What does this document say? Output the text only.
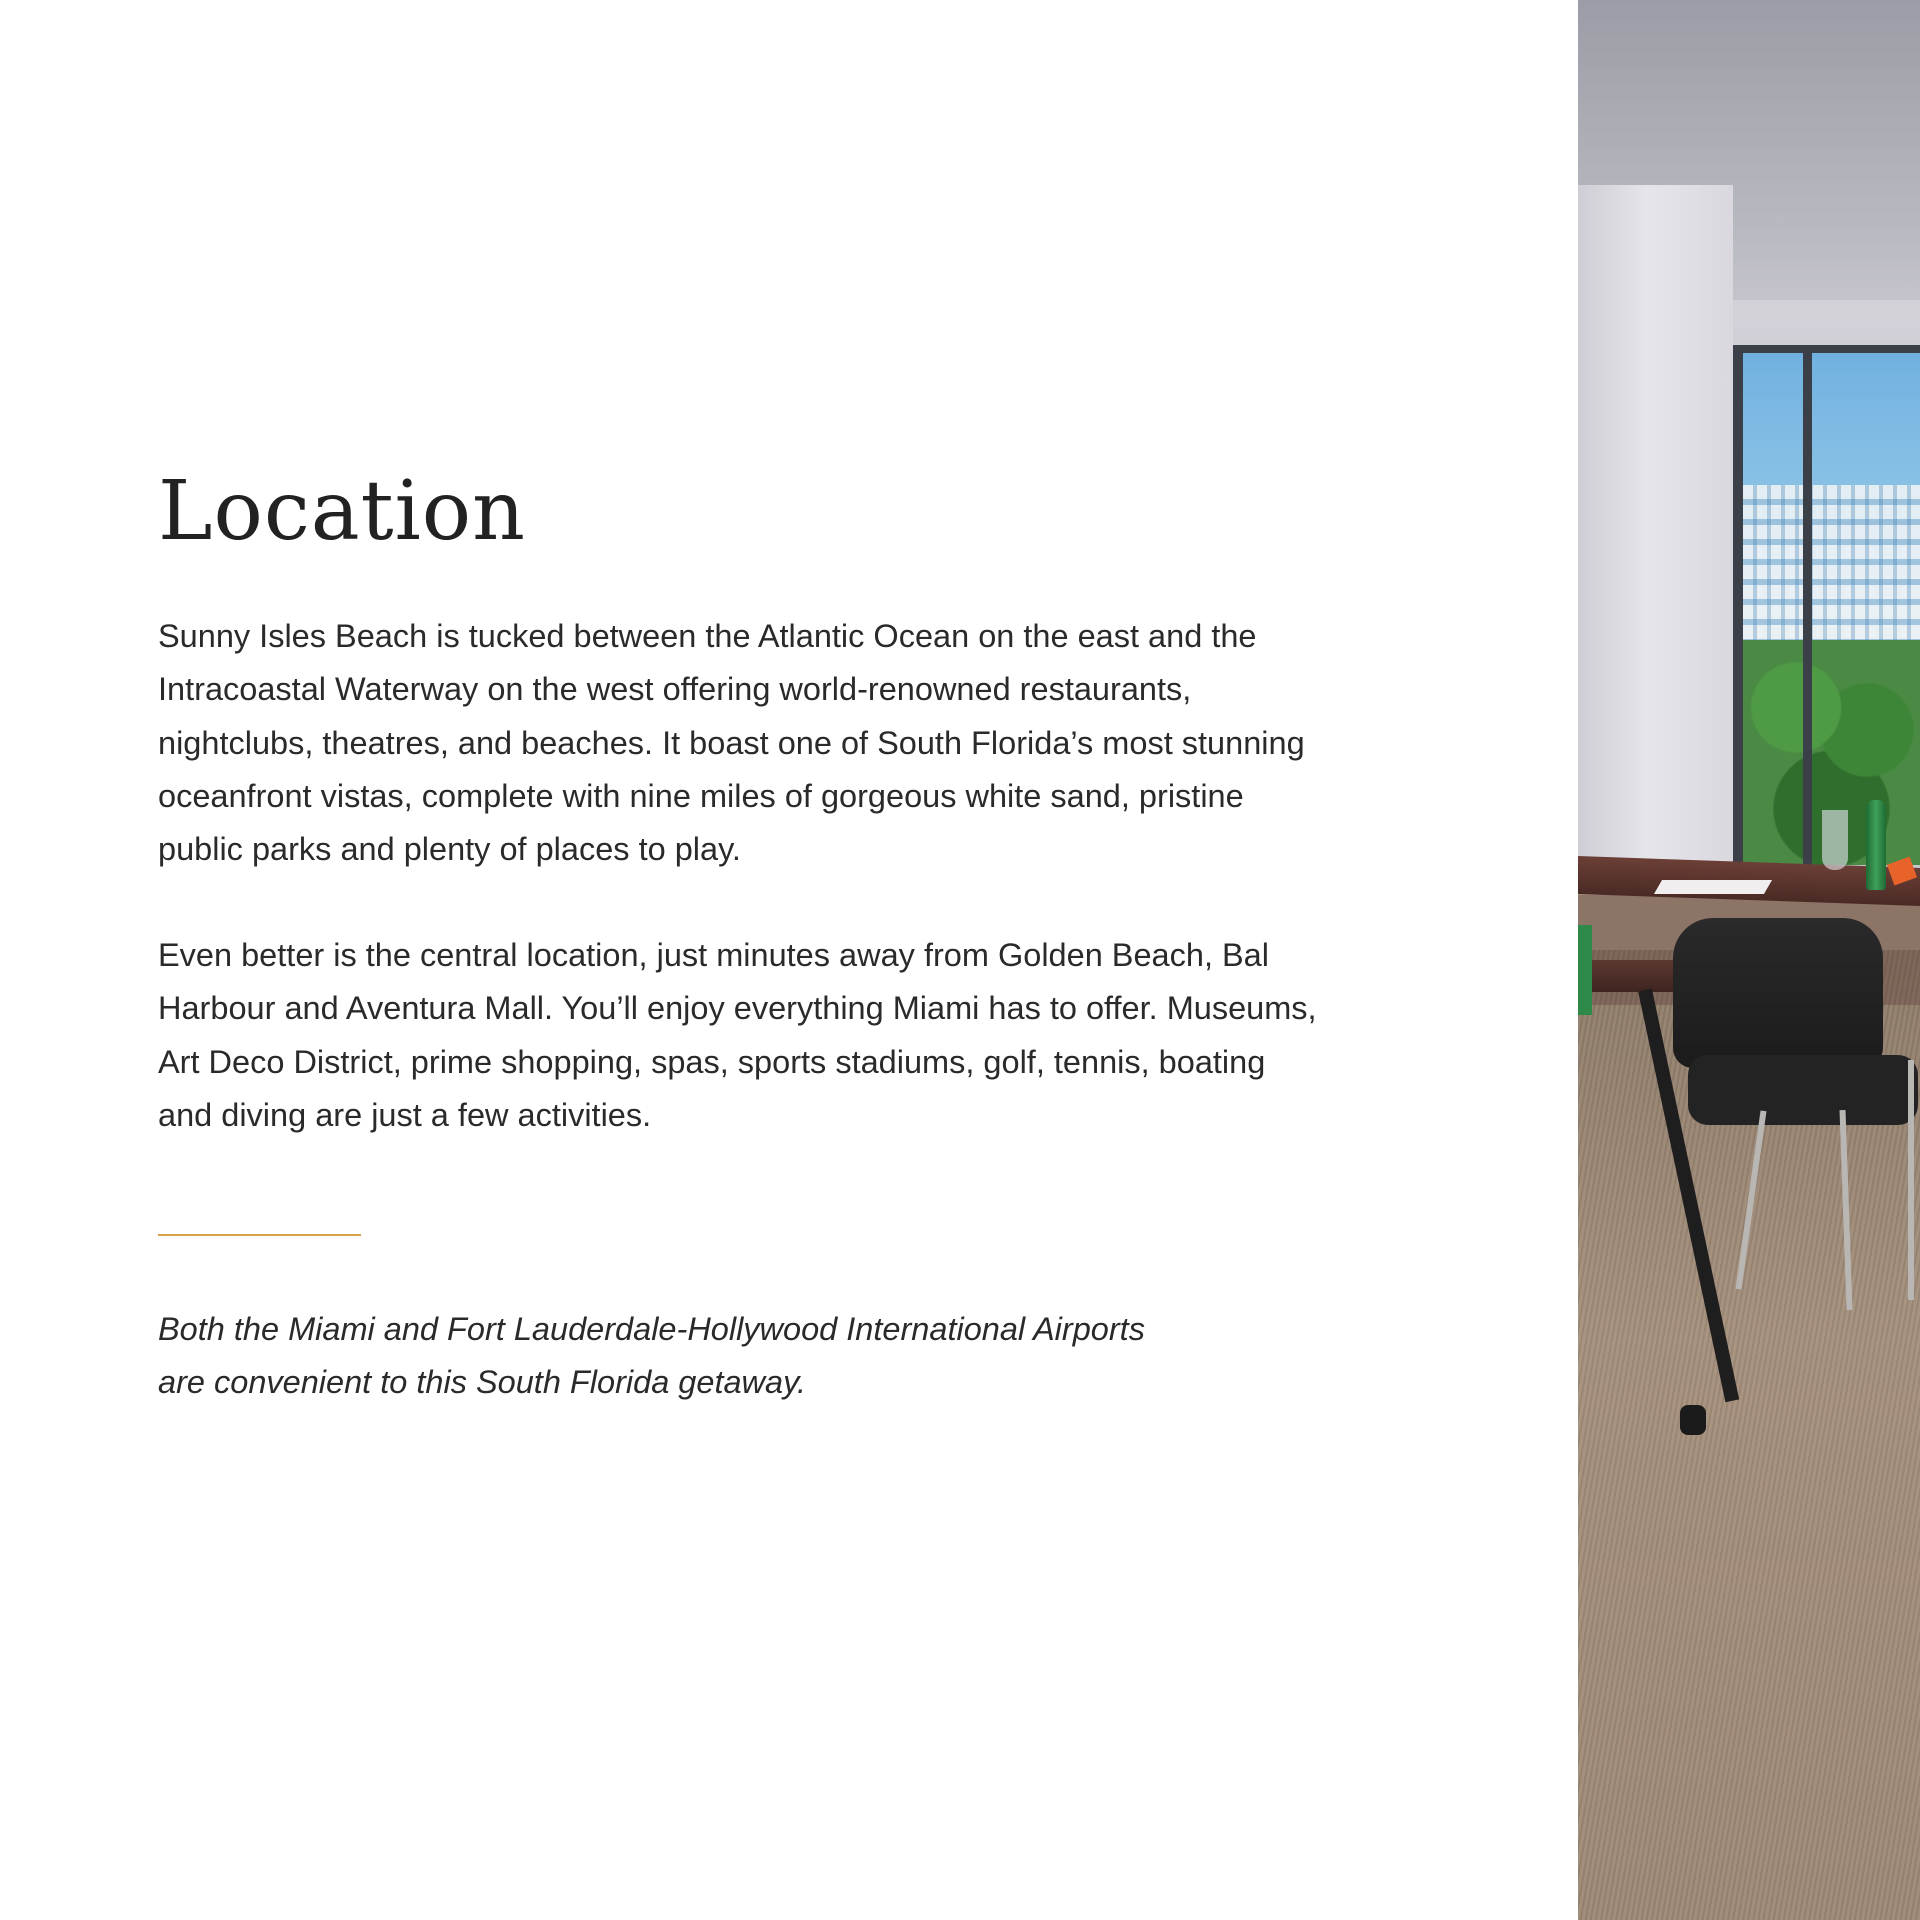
Location

Sunny Isles Beach is tucked between the Atlantic Ocean on the east and the
Intracoastal Waterway on the west offering world-renowned restaurants,
nightclubs, theatres, and beaches. It boast one of South Florida’s most stunning
oceanfront vistas, complete with nine miles of gorgeous white sand, pristine
public parks and plenty of places to play.

Even better is the central location, just minutes away from Golden Beach, Bal
Harbour and Aventura Mall. You’ll enjoy everything Miami has to offer. Museums,
Art Deco District, prime shopping, spas, sports stadiums, golf, tennis, boating
and diving are just a few activities.

Both the Miami and Fort Lauderdale-Hollywood International Airports
are convenient to this South Florida getaway.
